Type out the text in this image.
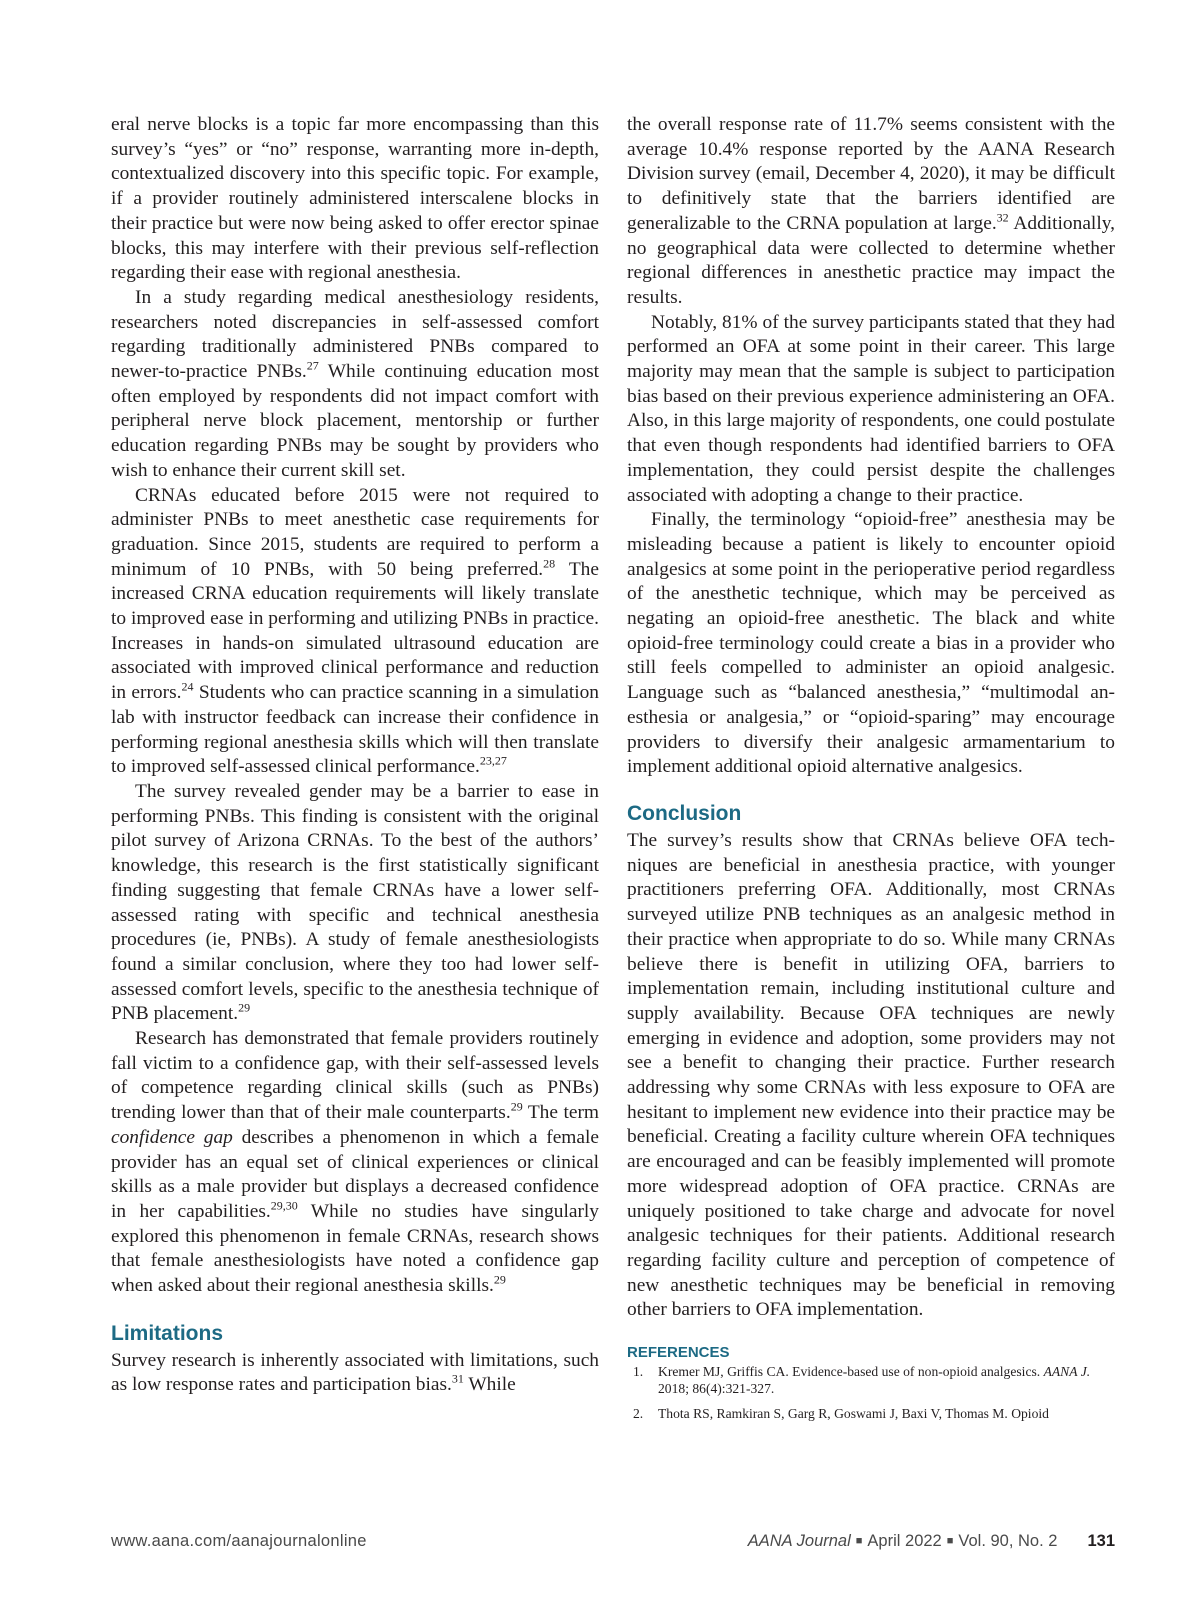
eral nerve blocks is a topic far more encompassing than this survey’s “yes” or “no” response, warranting more in-depth, contextualized discovery into this specific topic. For example, if a provider routinely administered interscalene blocks in their practice but were now being asked to offer erector spinae blocks, this may interfere with their previous self-reflection regarding their ease with regional anesthesia.

In a study regarding medical anesthesiology residents, researchers noted discrepancies in self-assessed comfort regarding traditionally administered PNBs compared to newer-to-practice PNBs.$^{27}$ While continuing education most often employed by respondents did not impact comfort with peripheral nerve block placement, mentorship or further education regarding PNBs may be sought by providers who wish to enhance their current skill set.

CRNAs educated before 2015 were not required to administer PNBs to meet anesthetic case requirements for graduation. Since 2015, students are required to perform a minimum of 10 PNBs, with 50 being preferred.$^{28}$ The increased CRNA education requirements will likely translate to improved ease in performing and utilizing PNBs in practice. Increases in hands-on simulated ultrasound education are associated with improved clinical performance and reduction in errors.$^{24}$ Students who can practice scanning in a simulation lab with instructor feedback can increase their confidence in performing regional anesthesia skills which will then translate to improved self-assessed clinical performance.$^{23,27}$

The survey revealed gender may be a barrier to ease in performing PNBs. This finding is consistent with the original pilot survey of Arizona CRNAs. To the best of the authors’ knowledge, this research is the first statistically significant finding suggesting that female CRNAs have a lower self-assessed rating with specific and technical anesthesia procedures (ie, PNBs). A study of female anesthesiologists found a similar conclusion, where they too had lower self-assessed comfort levels, specific to the anesthesia technique of PNB placement.$^{29}$

Research has demonstrated that female providers routinely fall victim to a confidence gap, with their self-assessed levels of competence regarding clinical skills (such as PNBs) trending lower than that of their male counterparts.$^{29}$ The term confidence gap describes a phenomenon in which a female provider has an equal set of clinical experiences or clinical skills as a male provider but displays a decreased confidence in her capabilities.$^{29,30}$ While no studies have singularly explored this phenomenon in female CRNAs, research shows that female anesthesiologists have noted a confidence gap when asked about their regional anesthesia skills.$^{29}$

Limitations

Survey research is inherently associated with limitations, such as low response rates and participation bias.$^{31}$ While

the overall response rate of 11.7% seems consistent with the average 10.4% response reported by the AANA Research Division survey (email, December 4, 2020), it may be difficult to definitively state that the barriers identified are generalizable to the CRNA population at large.$^{32}$ Additionally, no geographical data were collected to determine whether regional differences in anesthetic practice may impact the results.

Notably, 81% of the survey participants stated that they had performed an OFA at some point in their career. This large majority may mean that the sample is subject to participation bias based on their previous experience administering an OFA. Also, in this large majority of respondents, one could postulate that even though respondents had identified barriers to OFA implementation, they could persist despite the challenges associated with adopting a change to their practice.

Finally, the terminology “opioid-free” anesthesia may be misleading because a patient is likely to encounter opioid analgesics at some point in the perioperative period regardless of the anesthetic technique, which may be perceived as negating an opioid-free anesthetic. The black and white opioid-free terminology could create a bias in a provider who still feels compelled to administer an opioid analgesic. Language such as “balanced anesthesia,” “multimodal anesthesia or analgesia,” or “opioid-sparing” may encourage providers to diversify their analgesic armamentarium to implement additional opioid alternative analgesics.

Conclusion

The survey’s results show that CRNAs believe OFA techniques are beneficial in anesthesia practice, with younger practitioners preferring OFA. Additionally, most CRNAs surveyed utilize PNB techniques as an analgesic method in their practice when appropriate to do so. While many CRNAs believe there is benefit in utilizing OFA, barriers to implementation remain, including institutional culture and supply availability. Because OFA techniques are newly emerging in evidence and adoption, some providers may not see a benefit to changing their practice. Further research addressing why some CRNAs with less exposure to OFA are hesitant to implement new evidence into their practice may be beneficial. Creating a facility culture wherein OFA techniques are encouraged and can be feasibly implemented will promote more widespread adoption of OFA practice. CRNAs are uniquely positioned to take charge and advocate for novel analgesic techniques for their patients. Additional research regarding facility culture and perception of competence of new anesthetic techniques may be beneficial in removing other barriers to OFA implementation.

REFERENCES
1. Kremer MJ, Griffis CA. Evidence-based use of non-opioid analgesics. AANA J. 2018; 86(4):321-327.
2. Thota RS, Ramkiran S, Garg R, Goswami J, Baxi V, Thomas M. Opioid
www.aana.com/aanajournalonline	AANA Journal ■ April 2022 ■ Vol. 90, No. 2 131
